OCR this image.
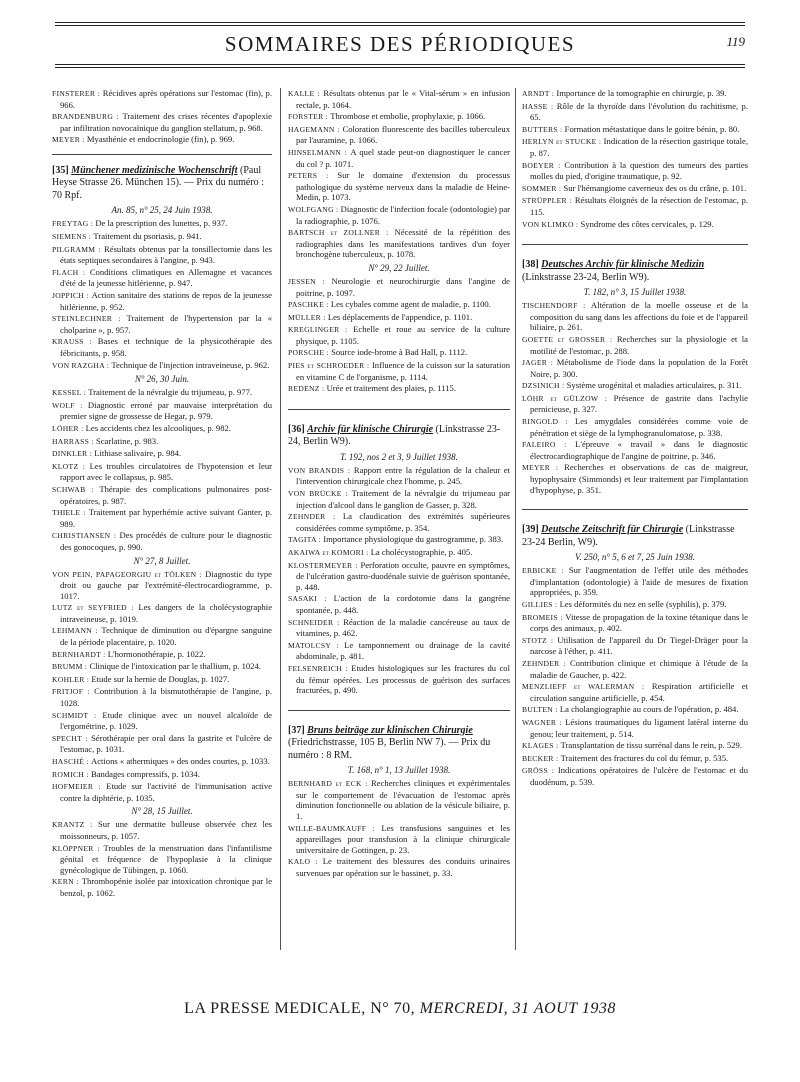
SOMMAIRES DES PÉRIODIQUES	119

FINSTERER : Récidives après opérations sur l'estomac (fin), p. 966.

BRANDENBURG : Traitement des crises récentes d'apoplexie par infiltration novocaïnique du ganglion stellatum, p. 968.

MEYER : Myasthénie et endocrinologie (fin), p. 969.

[35] Münchener medizinische Wochenschrift (Paul Heyse Strasse 26. München 15). — Prix du numéro : 70 Rpf.
An. 85, n° 25, 24 Juin 1938.

FREYTAG : De la prescription des lunettes, p. 937.

SIEMENS : Traitement du psoriasis, p. 941.

PILGRAMM : Résultats obtenus par la tonsillectomie dans les états septiques secondaires à l'angine, p. 943.

FLACH : Conditions climatiques en Allemagne et vacances d'été de la jeunesse hitlérienne, p. 947.

JOPPICH : Action sanitaire des stations de repos de la jeunesse hitlérienne, p. 952.

STEINLECHNER : Traitement de l'hypertension par la « cholparine », p. 957.

KRAUSS : Bases et technique de la physicothérapie des fébricitants, p. 958.

VON RAZGHA : Technique de l'injection intraveineuse, p. 962.

N° 26, 30 Juin.

KESSEL : Traitement de la névralgie du trijumeau, p. 977.

WOLF : Diagnostic erroné par mauvaise interprétation du premier signe de grossesse de Hegar, p. 979.

LÖHER : Les accidents chez les alcooliques, p. 982.

HARRASS : Scarlatine, p. 983.

DINKLER : Lithiase salivaire, p. 984.

KLOTZ : Les troubles circulatoires de l'hypotension et leur rapport avec le collapsus, p. 985.

SCHWAB : Thérapie des complications pulmonaires post-opératoires, p. 987.

THIELE : Traitement par hyperhémie active suivant Ganter, p. 989.

CHRISTIANSEN : Des procédés de culture pour le diagnostic des gonocoques, p. 990.

N° 27, 8 Juillet.

VON PEIN, PAPAGEORGIU et TÖLKEN : Diagnostic du type droit ou gauche par l'extrémité-électrocardiogramme, p. 1017.

LUTZ et SEYFRIED : Les dangers de la cholécystographie intraveineuse, p. 1019.

LEHMANN : Technique de diminution ou d'épargne sanguine de la période placentaire, p. 1020.

BERNHARDT : L'hormonothérapie, p. 1022.

BRUMM : Clinique de l'intoxication par le thallium, p. 1024.

KOHLER : Etude sur la hernie de Douglas, p. 1027.

FRITJOF : Contribution à la bismutothérapie de l'angine, p. 1028.

SCHMIDT : Etude clinique avec un nouvel alcaloïde de l'ergométrine, p. 1029.

SPECHT : Sérothérapie per oral dans la gastrite et l'ulcère de l'estomac, p. 1031.

HASCHÉ : Actions « athermiques » des ondes courtes, p. 1033.

ROMICH : Bandages compressifs, p. 1034.

HOFMEIER : Etude sur l'activité de l'immunisation active contre la diphtérie, p. 1035.

N° 28, 15 Juillet.

KRANTZ : Sur une dermatite bulleuse observée chez les moissonneurs, p. 1057.

KLÖPPNER : Troubles de la menstruation dans l'infantilisme génital et fréquence de l'hypoplasie à la clinique gynécologique de Tübingen, p. 1060.

KERN : Thrombopénie isolée par intoxication chronique par le benzol, p. 1062.

KALLE : Résultats obtenus par le « Vital-sérum » en infusion rectale, p. 1064.

FORSTER : Thrombose et embolie, prophylaxie, p. 1066.

HAGEMANN : Coloration fluorescente des bacilles tuberculeux par l'auramine, p. 1066.

HINSELMANN : A quel stade peut-on diagnostiquer le cancer du col ? p. 1071.

PETERS : Sur le domaine d'extension du processus pathologique du système nerveux dans la maladie de Heine-Medin, p. 1073.

WOLFGANG : Diagnostic de l'infection focale (odontologie) par la radiographie, p. 1076.

BARTSCH et ZOLLNER : Nécessité de la répétition des radiographies dans les manifestations tardives d'un foyer bronchogène tuberculeux, p. 1078.

N° 29, 22 Juillet.

JESSEN : Neurologie et neurochirurgie dans l'angine de poitrine, p. 1097.

PASCHKE : Les cybales comme agent de maladie, p. 1100.

MÜLLER : Les déplacements de l'appendice, p. 1101.

KREGLINGER : Echelle et roue au service de la culture physique, p. 1105.

PORSCHE : Source iode-brome à Bad Hall, p. 1112.

PIES et SCHROEDER : Influence de la cuisson sur la saturation en vitamine C de l'organisme, p. 1114.

REDENZ : Urée et traitement des plaies, p. 1115.

[36] Archiv für klinische Chirurgie (Linkstrasse 23-24, Berlin W9).
T. 192, nos 2 et 3, 9 Juillet 1938.

VON BRANDIS : Rapport entre la régulation de la chaleur et l'intervention chirurgicale chez l'homme, p. 245.

VON BRÜCKE : Traitement de la névralgie du trijumeau par injection d'alcool dans le ganglion de Gasser, p. 328.

ZEHNDER : La claudication des extrémités supérieures considérées comme symptôme, p. 354.

TAGITA : Importance physiologique du gastrogramme, p. 383.

AKAIWA et KOMORI : La cholécystographie, p. 405.

KLOSTERMEYER : Perforation occulte, pauvre en symptômes, de l'ulcération gastro-duodénale suivie de guérison spontanée, p. 448.

SASAKI : L'action de la cordotomie dans la gangrène spontanée, p. 448.

SCHNEIDER : Réaction de la maladie cancéreuse au taux de vitamines, p. 462.

MATOLCSY : Le tamponnement ou drainage de la cavité abdominale, p. 481.

FELSENREICH : Etudes histologiques sur les fractures du col du fémur opérées. Les processus de guérison des surfaces fracturées, p. 490.

[37] Bruns beiträge zur klinischen Chirurgie (Friedrichstrasse, 105 B, Berlin NW 7). — Prix du numéro : 8 RM.
T. 168, n° 1, 13 Juillet 1938.

BERNHARD et ECK : Recherches cliniques et expérimentales sur le comportement de l'évacuation de l'estomac après diminution fonctionnelle ou ablation de la vésicule biliaire, p. 1.

WILLE-BAUMKAUFF : Les transfusions sanguines et les appareillages pour transfusion à la clinique chirurgicale universitaire de Gottingen, p. 23.

KALO : Le traitement des blessures des conduits urinaires survenues par opération sur le bassinet, p. 33.

ARNDT : Importance de la tomographie en chirurgie, p. 39.

HASSE : Rôle de la thyroïde dans l'évolution du rachitisme, p. 65.

BUTTERS : Formation métastatique dans le goitre bénin, p. 80.

HERLYN et STUCKE : Indication de la résection gastrique totale, p. 87.

BOEYER : Contribution à la question des tumeurs des parties molles du pied, d'origine traumatique, p. 92.

SOMMER : Sur l'hémangiome caverneux des os du crâne, p. 101.

STRÜPPLER : Résultats éloignés de la résection de l'estomac, p. 115.

VON KLIMKO : Syndrome des côtes cervicales, p. 129.

[38] Deutsches Archiv für klinische Medizin (Linkstrasse 23-24, Berlin W9).
T. 182, n° 3, 15 Juillet 1938.

TISCHENDORF : Altération de la moelle osseuse et de la composition du sang dans les affections du foie et de l'appareil biliaire, p. 261.

GOETTE et GROSSER : Recherches sur la physiologie et la motilité de l'estomac, p. 288.

JAGER : Métabolisme de l'iode dans la population de la Forêt Noire, p. 300.

DZSINICH : Système urogénital et maladies articulaires, p. 311.

LÖHR et GÜLZOW : Présence de gastrite dans l'achylie pernicieuse, p. 327.

RINGOLD : Les amygdales considérées comme voie de pénétration et siège de la lymphogranulomatose, p. 338.

FALEIRO : L'épreuve « travail » dans le diagnostic électrocardiographique de l'angine de poitrine, p. 346.

MEYER : Recherches et observations de cas de maigreur, hypophysaire (Simmonds) et leur traitement par l'implantation d'hypophyse, p. 351.

[39] Deutsche Zeitschrift für Chirurgie (Linkstrasse 23-24 Berlin, W9).
V. 250, n° 5, 6 et 7, 25 Juin 1938.

ERBICKE : Sur l'augmentation de l'effet utile des méthodes d'implantation (odontologie) à l'aide de mesures de fixation appropriées, p. 359.

GILLIES : Les déformités du nez en selle (syphilis), p. 379.

BROMEIS : Vitesse de propagation de la toxine tétanique dans le corps des animaux, p. 402.

STOTZ : Utilisation de l'appareil du Dr Tiegel-Dräger pour la narcose à l'éther, p. 411.

ZEHNDER : Contribution clinique et chimique à l'étude de la maladie de Gaucher, p. 422.

MENZLIEFF et WALERMAN : Respiration artificielle et circulation sanguine artificielle, p. 454.

BULTEN : La cholangiographie au cours de l'opération, p. 484.

WAGNER : Lésions traumatiques du ligament latéral interne du genou; leur traitement, p. 514.

KLAGES : Transplantation de tissu surrénal dans le rein, p. 529.

BECKER : Traitement des fractures du col du fémur, p. 535.

GRÖSS : Indications opératoires de l'ulcère de l'estomac et du duodénum, p. 539.

LA PRESSE MEDICALE, N° 70, MERCREDI, 31 AOUT 1938
